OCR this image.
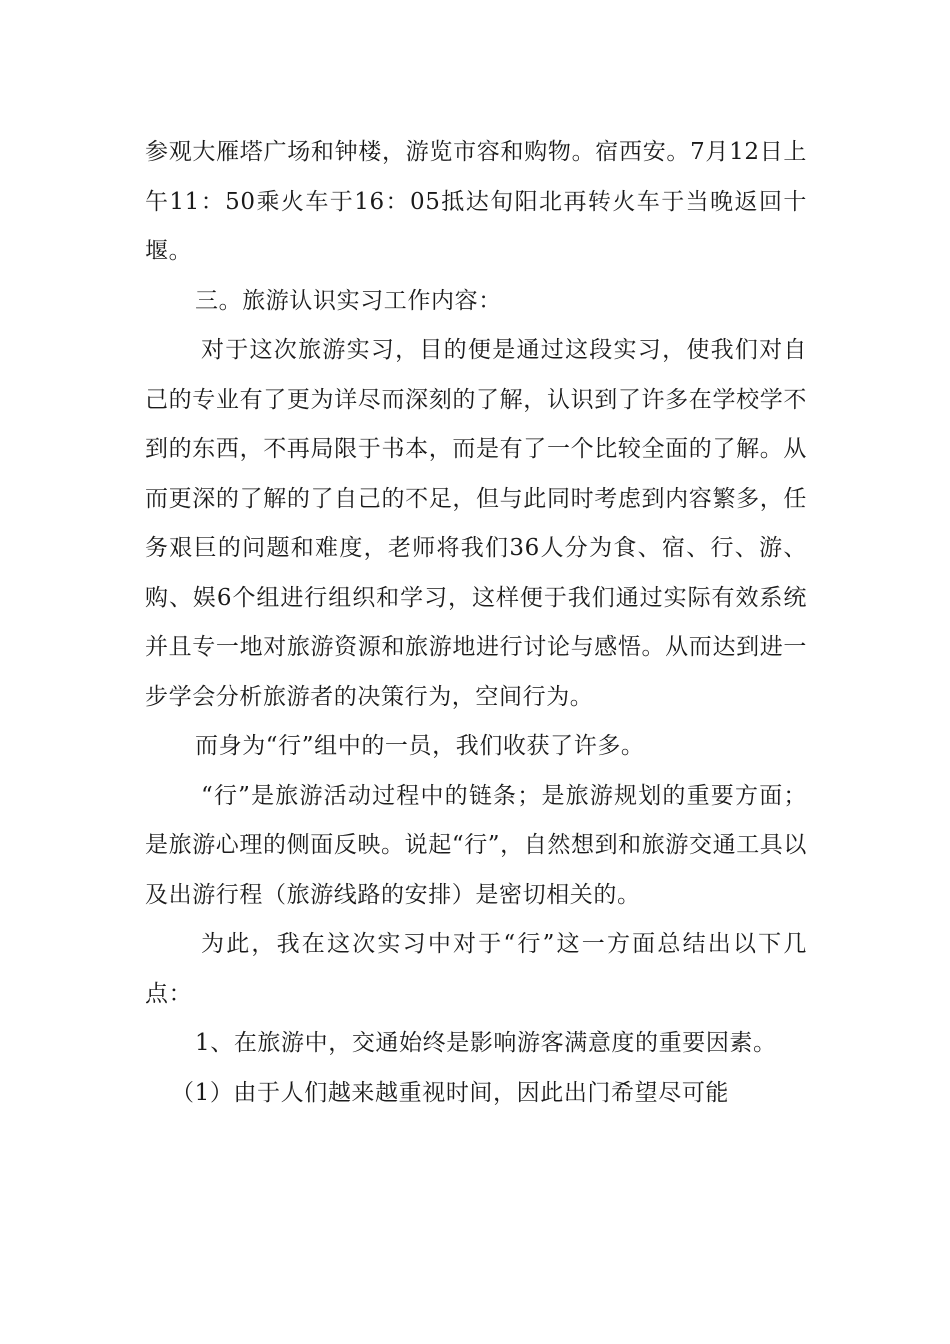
参观大雁塔广场和钟楼，游览市容和购物。宿西安。7月12日上午11：50乘火车于16：05抵达旬阳北再转火车于当晚返回十堰。

三。旅游认识实习工作内容：

对于这次旅游实习，目的便是通过这段实习，使我们对自己的专业有了更为详尽而深刻的了解，认识到了许多在学校学不到的东西，不再局限于书本，而是有了一个比较全面的了解。从而更深的了解的了自己的不足，但与此同时考虑到内容繁多，任务艰巨的问题和难度，老师将我们36人分为食、宿、行、游、购、娱6个组进行组织和学习，这样便于我们通过实际有效系统并且专一地对旅游资源和旅游地进行讨论与感悟。从而达到进一步学会分析旅游者的决策行为，空间行为。

而身为“行”组中的一员，我们收获了许多。

“行”是旅游活动过程中的链条；是旅游规划的重要方面；是旅游心理的侧面反映。说起“行”，自然想到和旅游交通工具以及出游行程（旅游线路的安排）是密切相关的。

为此，我在这次实习中对于“行”这一方面总结出以下几点：

1、在旅游中，交通始终是影响游客满意度的重要因素。

（1）由于人们越来越重视时间，因此出门希望尽可能
